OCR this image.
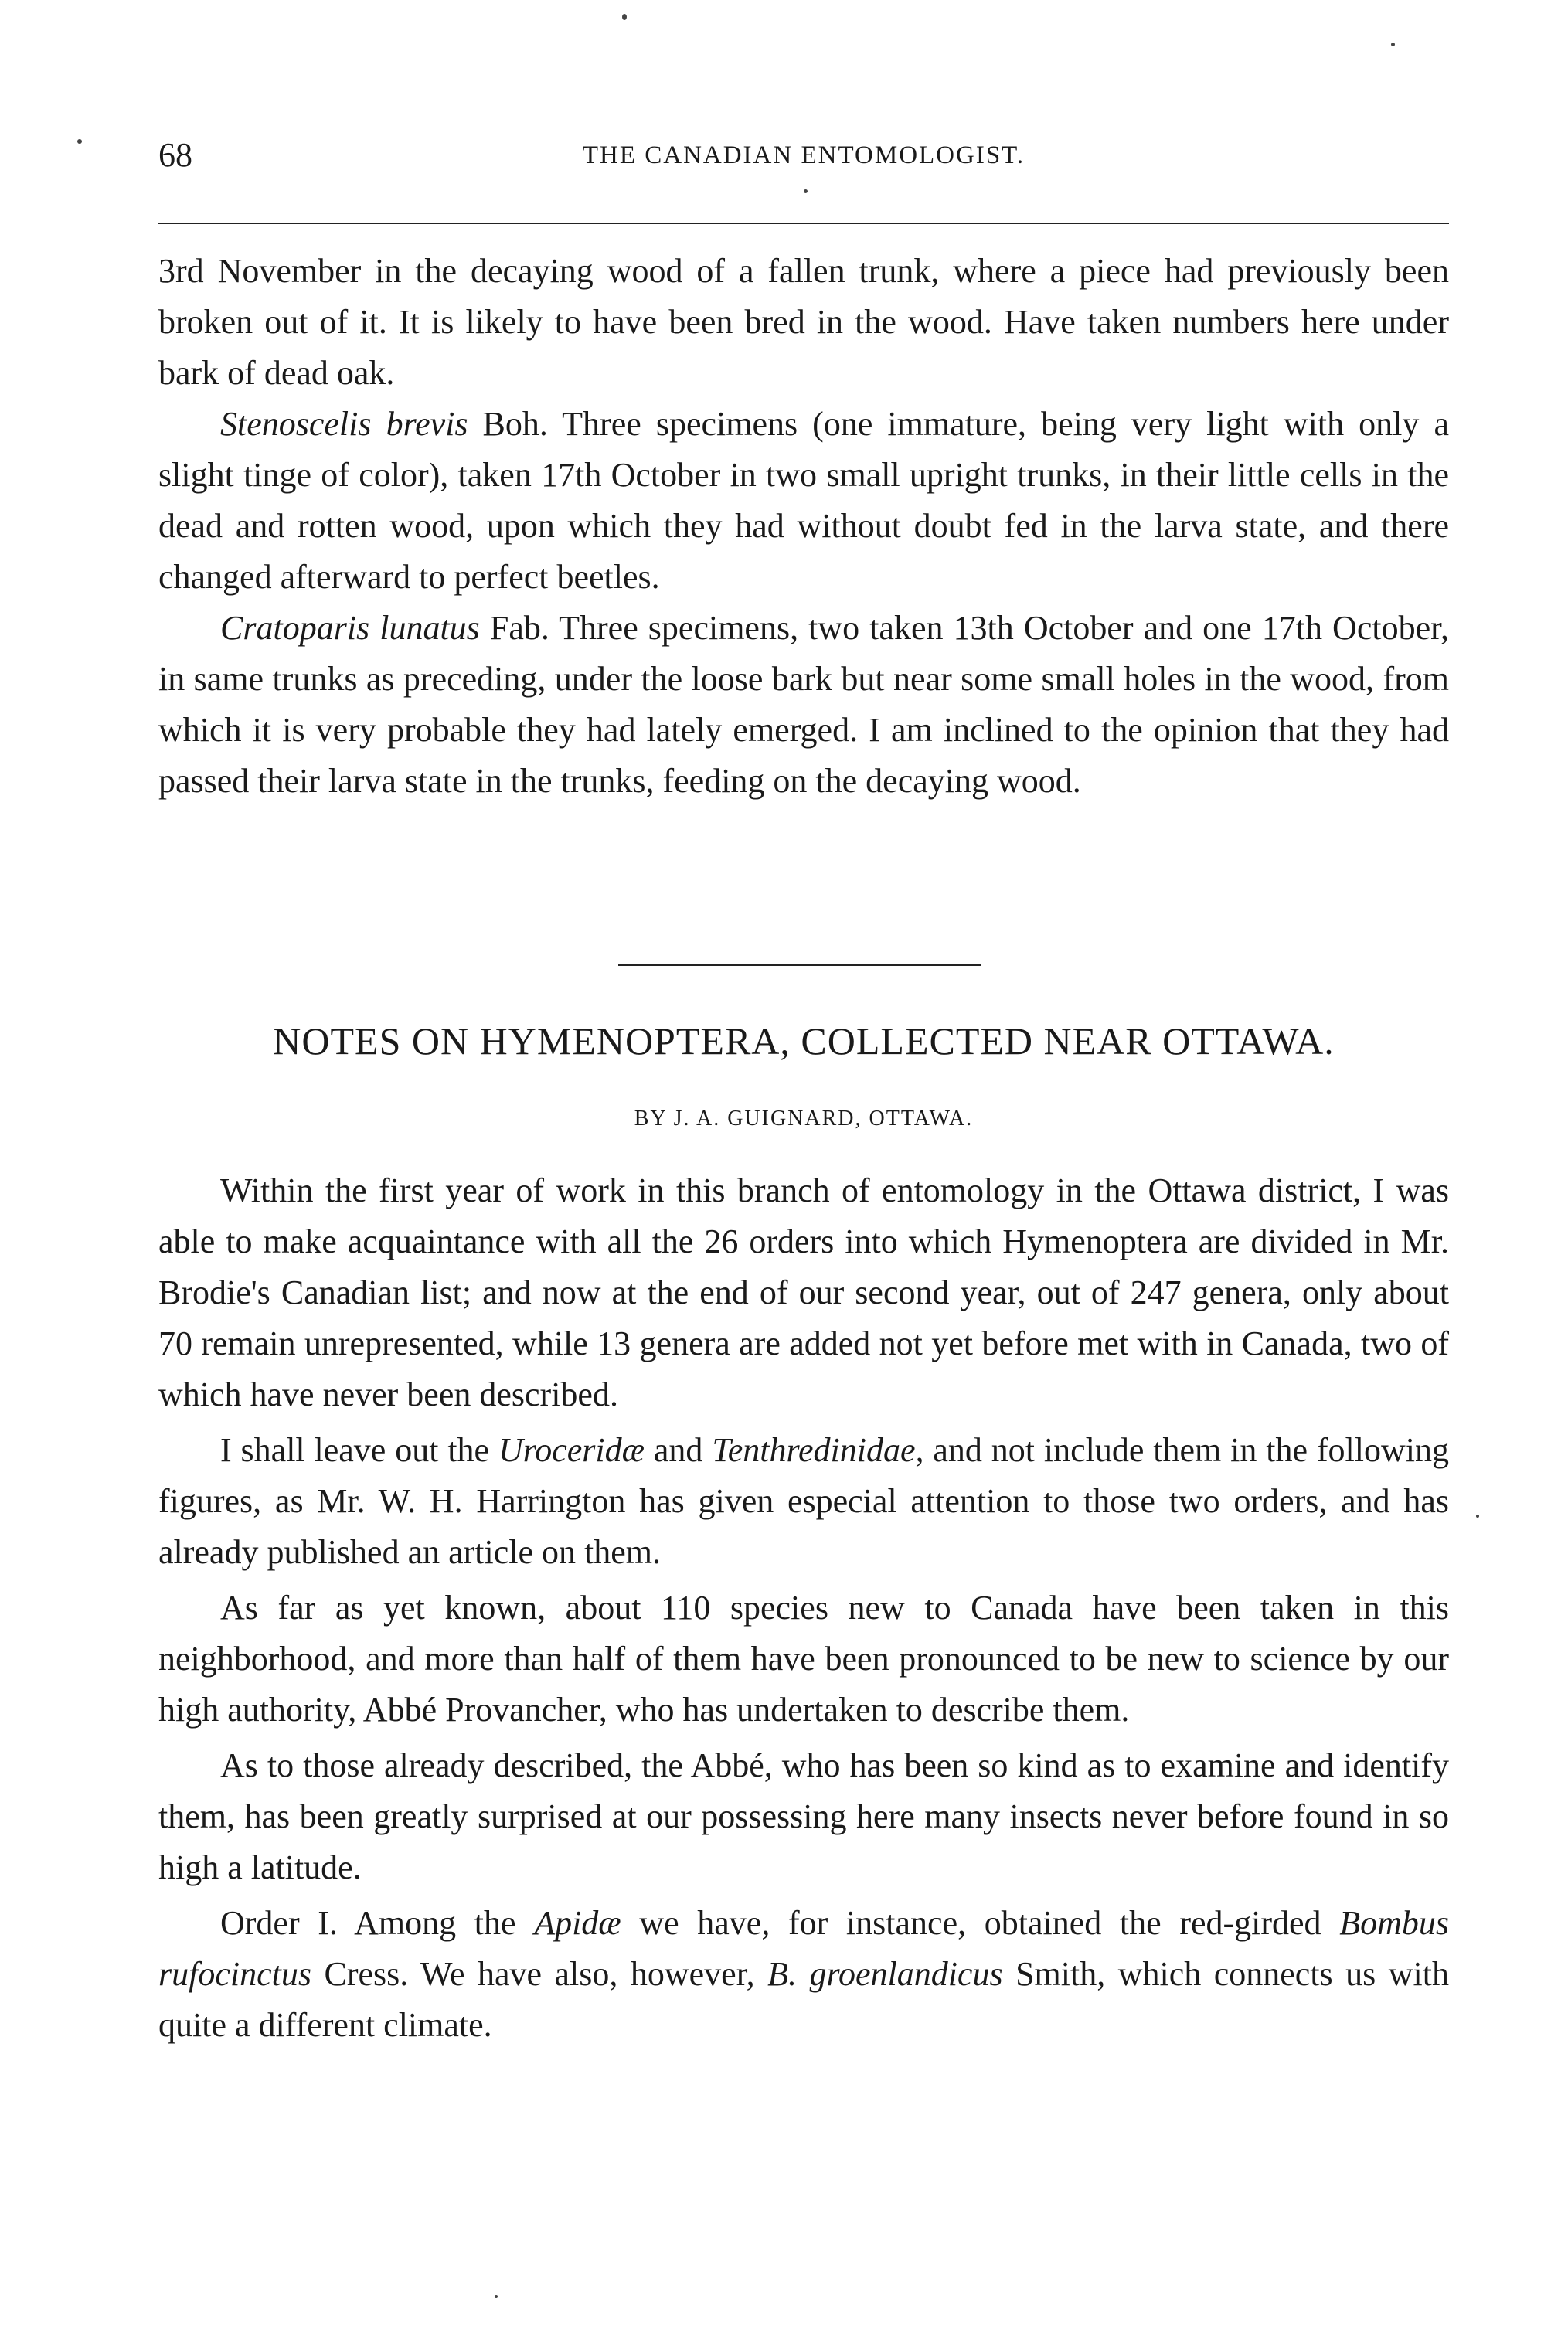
68	THE CANADIAN ENTOMOLOGIST.

3rd November in the decaying wood of a fallen trunk, where a piece had previously been broken out of it. It is likely to have been bred in the wood. Have taken numbers here under bark of dead oak.

Stenoscelis brevis Boh. Three specimens (one immature, being very light with only a slight tinge of color), taken 17th October in two small upright trunks, in their little cells in the dead and rotten wood, upon which they had without doubt fed in the larva state, and there changed afterward to perfect beetles.

Cratoparis lunatus Fab. Three specimens, two taken 13th October and one 17th October, in same trunks as preceding, under the loose bark but near some small holes in the wood, from which it is very probable they had lately emerged. I am inclined to the opinion that they had passed their larva state in the trunks, feeding on the decaying wood.

NOTES ON HYMENOPTERA, COLLECTED NEAR OTTAWA.
BY J. A. GUIGNARD, OTTAWA.

Within the first year of work in this branch of entomology in the Ottawa district, I was able to make acquaintance with all the 26 orders into which Hymenoptera are divided in Mr. Brodie's Canadian list; and now at the end of our second year, out of 247 genera, only about 70 remain unrepresented, while 13 genera are added not yet before met with in Canada, two of which have never been described.

I shall leave out the Uroceridæ and Tenthredinidae, and not include them in the following figures, as Mr. W. H. Harrington has given especial attention to those two orders, and has already published an article on them.

As far as yet known, about 110 species new to Canada have been taken in this neighborhood, and more than half of them have been pronounced to be new to science by our high authority, Abbé Provancher, who has undertaken to describe them.

As to those already described, the Abbé, who has been so kind as to examine and identify them, has been greatly surprised at our possessing here many insects never before found in so high a latitude.

Order I. Among the Apidæ we have, for instance, obtained the red-girded Bombus rufocinctus Cress. We have also, however, B. groenlandicus Smith, which connects us with quite a different climate.
